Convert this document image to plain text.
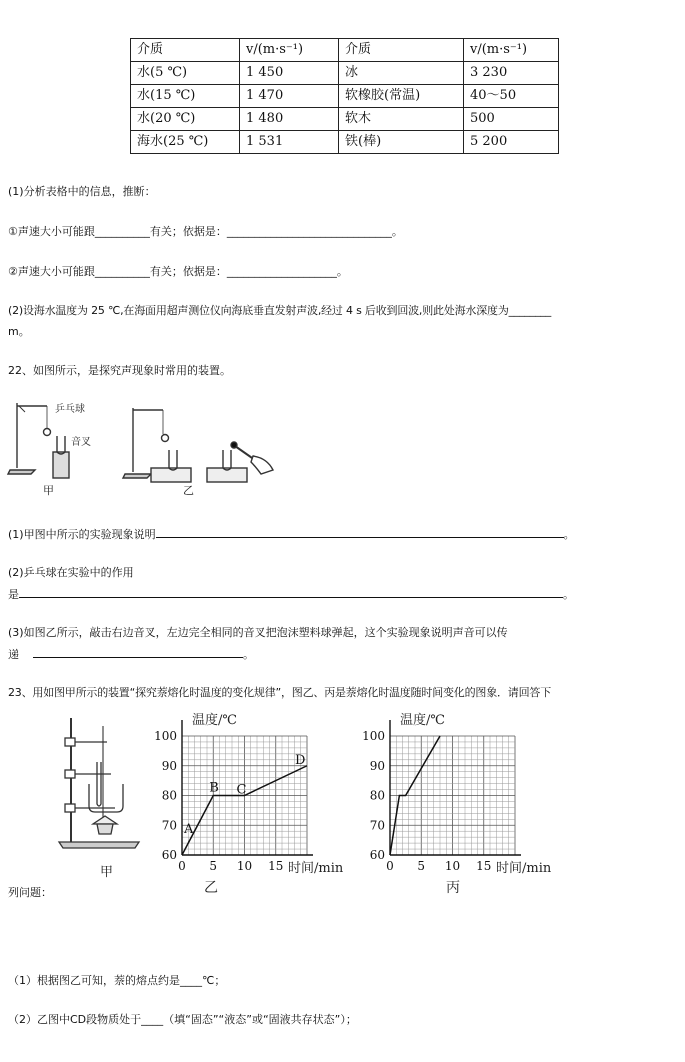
介质	v/(m·s⁻¹)	介质	v/(m·s⁻¹)
水(5 ℃)	1 450	冰	3 230
水(15 ℃)	1 470	软橡胶(常温)	40～50
水(20 ℃)	1 480	软木	500
海水(25 ℃)	1 531	铁(棒)	5 200
(1)分析表格中的信息，推断：
①声速大小可能跟__________有关；依据是：______________________________。
②声速大小可能跟__________有关；依据是：____________________。
(2)设海水温度为 25 ℃,在海面用超声测位仪向海底垂直发射声波,经过 4 s 后收到回波,则此处海水深度为________
m。
22、如图所示，是探究声现象时常用的装置。
乒乓球
音叉
甲	乙
(1)甲图中所示的实验现象说明	。
(2)乒乓球在实验中的作用
是	。
(3)如图乙所示，敲击右边音叉，左边完全相同的音叉把泡沫塑料球弹起，这个实验现象说明声音可以传
递	。
23、用如图甲所示的装置“探究萘熔化时温度的变化规律”，图乙、丙是萘熔化时温度随时间变化的图象．请回答下
甲
列问题：
温度/℃
60
70
80
90
100
0 5 10 15
A
B C
D
时间/min
乙
温度/℃
60
70
80
90
100
0 5 10 15 时间/min
丙
（1）根据图乙可知，萘的熔点约是____℃；
（2）乙图中CD段物质处于____（填“固态”“液态”或“固液共存状态”）；
